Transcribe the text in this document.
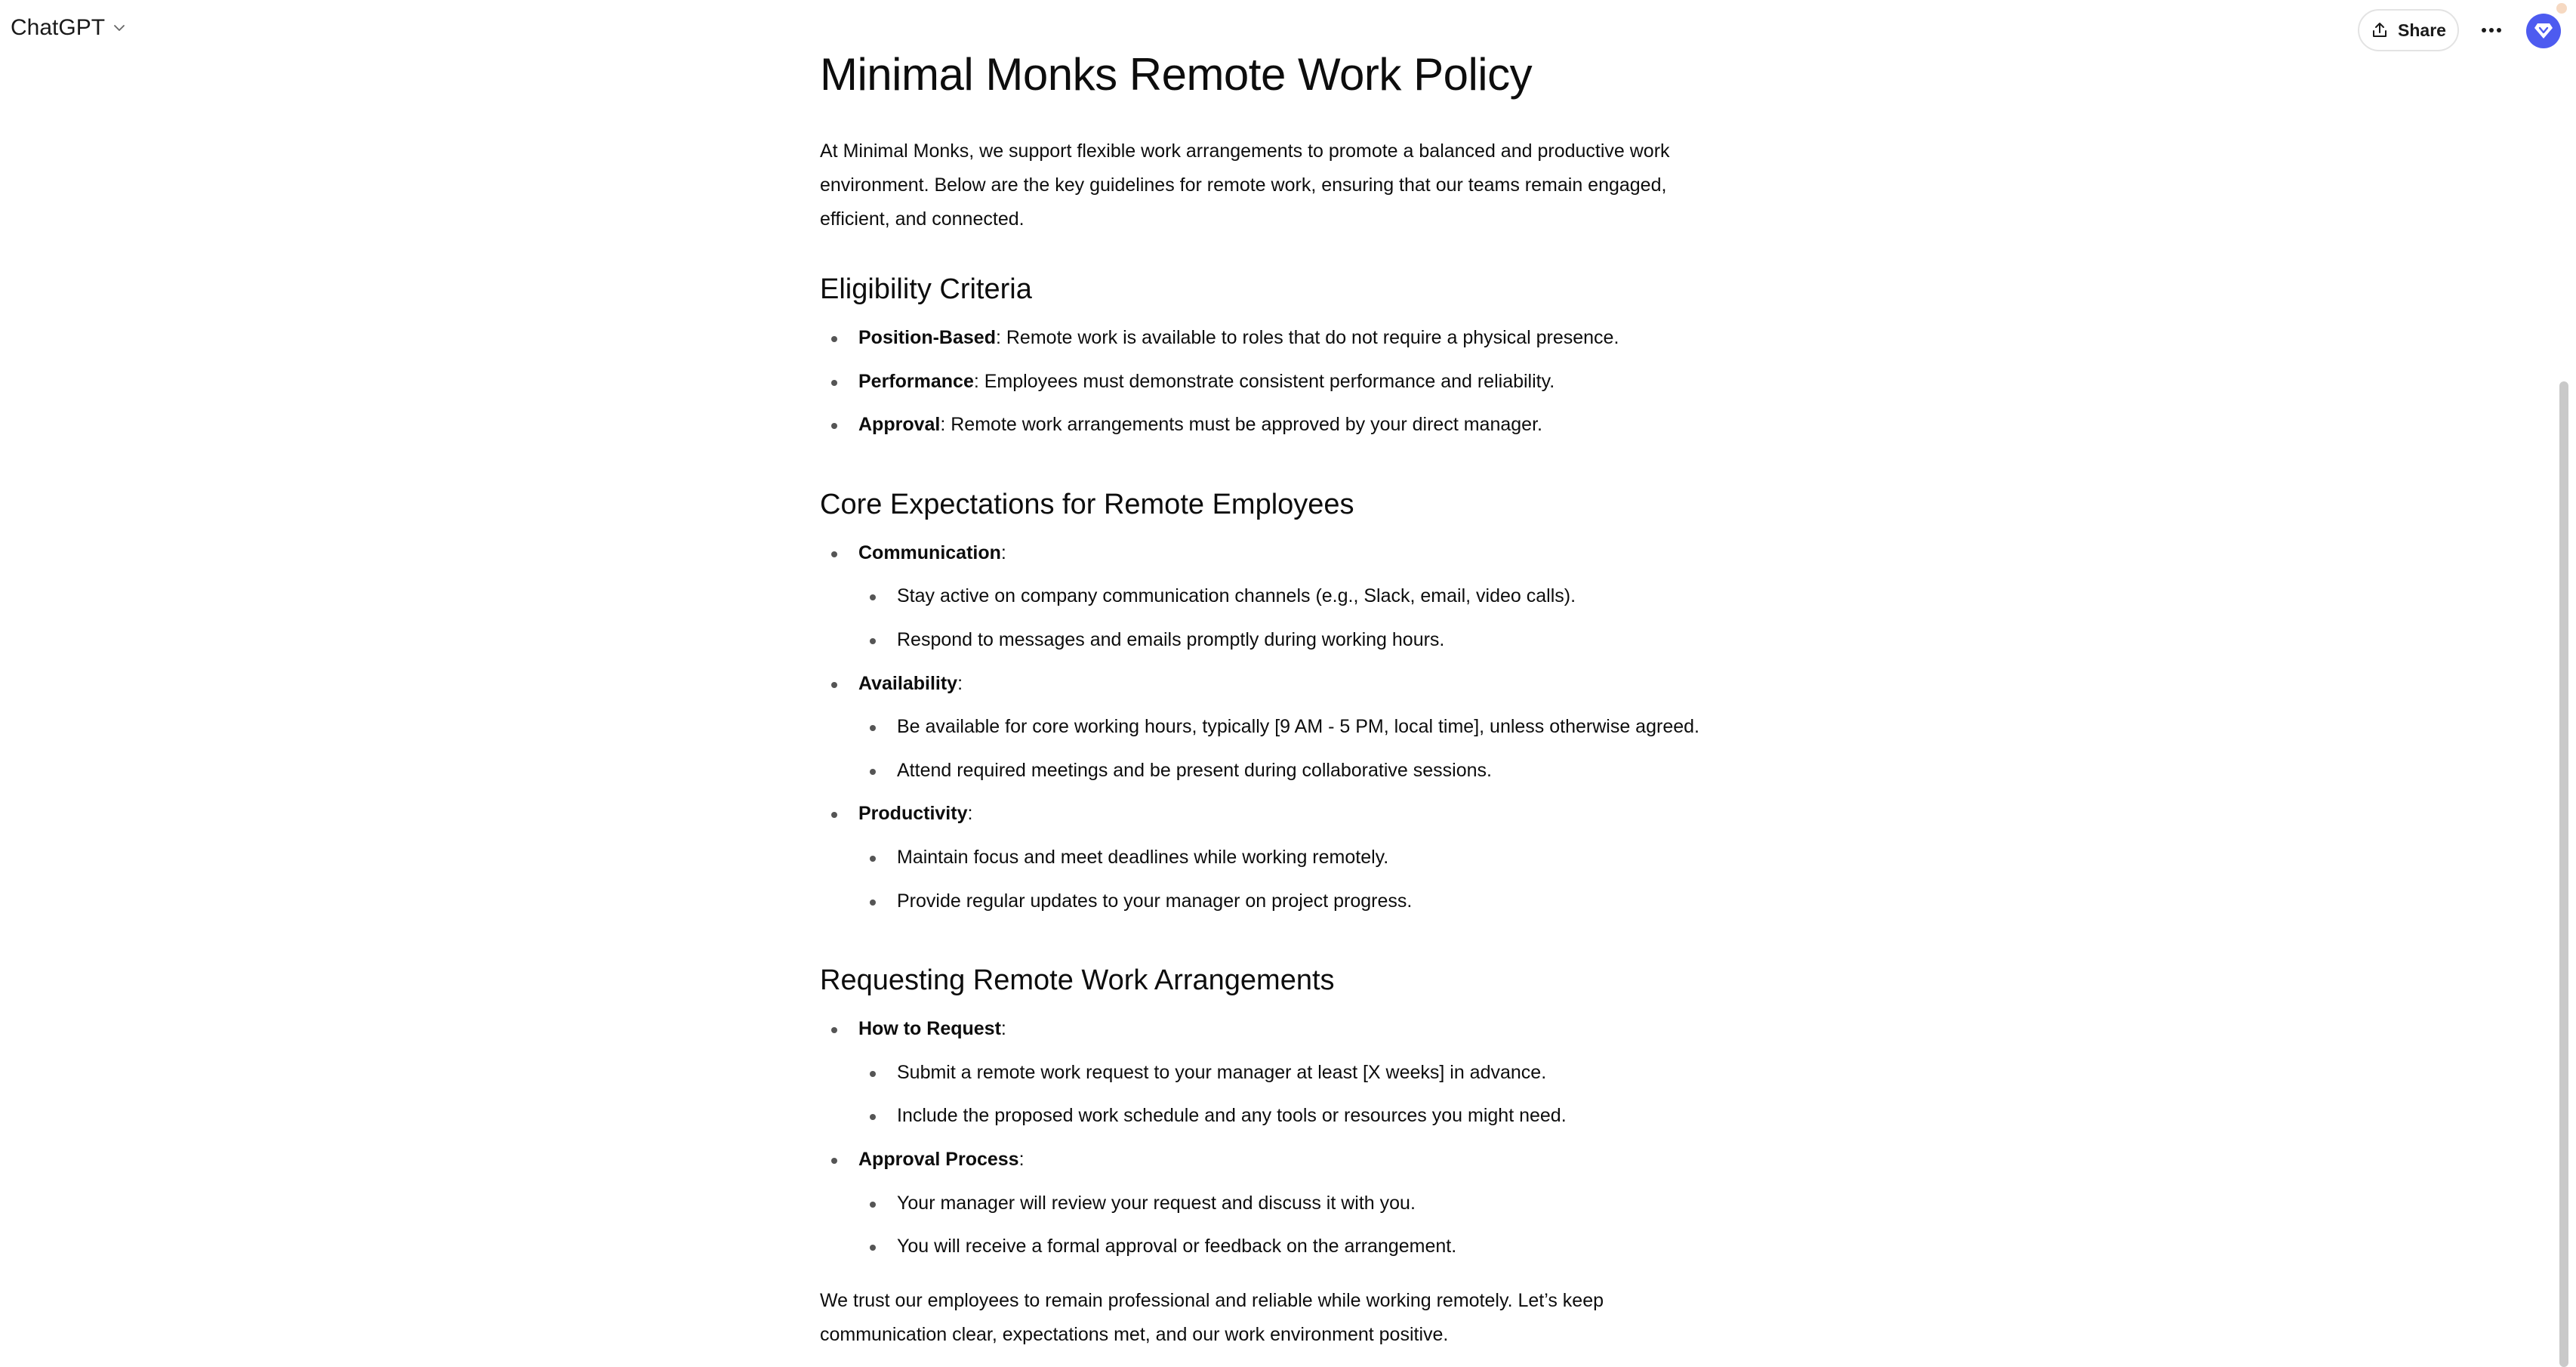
ChatGPT	Share
Minimal Monks Remote Work Policy

At Minimal Monks, we support flexible work arrangements to promote a balanced and productive work environment. Below are the key guidelines for remote work, ensuring that our teams remain engaged, efficient, and connected.

Eligibility Criteria
Position-Based: Remote work is available to roles that do not require a physical presence.
Performance: Employees must demonstrate consistent performance and reliability.
Approval: Remote work arrangements must be approved by your direct manager.
Core Expectations for Remote Employees
Communication:
Stay active on company communication channels (e.g., Slack, email, video calls).
Respond to messages and emails promptly during working hours.
Availability:
Be available for core working hours, typically [9 AM - 5 PM, local time], unless otherwise agreed.
Attend required meetings and be present during collaborative sessions.
Productivity:
Maintain focus and meet deadlines while working remotely.
Provide regular updates to your manager on project progress.
Requesting Remote Work Arrangements
How to Request:
Submit a remote work request to your manager at least [X weeks] in advance.
Include the proposed work schedule and any tools or resources you might need.
Approval Process:
Your manager will review your request and discuss it with you.
You will receive a formal approval or feedback on the arrangement.

We trust our employees to remain professional and reliable while working remotely. Let’s keep communication clear, expectations met, and our work environment positive.
